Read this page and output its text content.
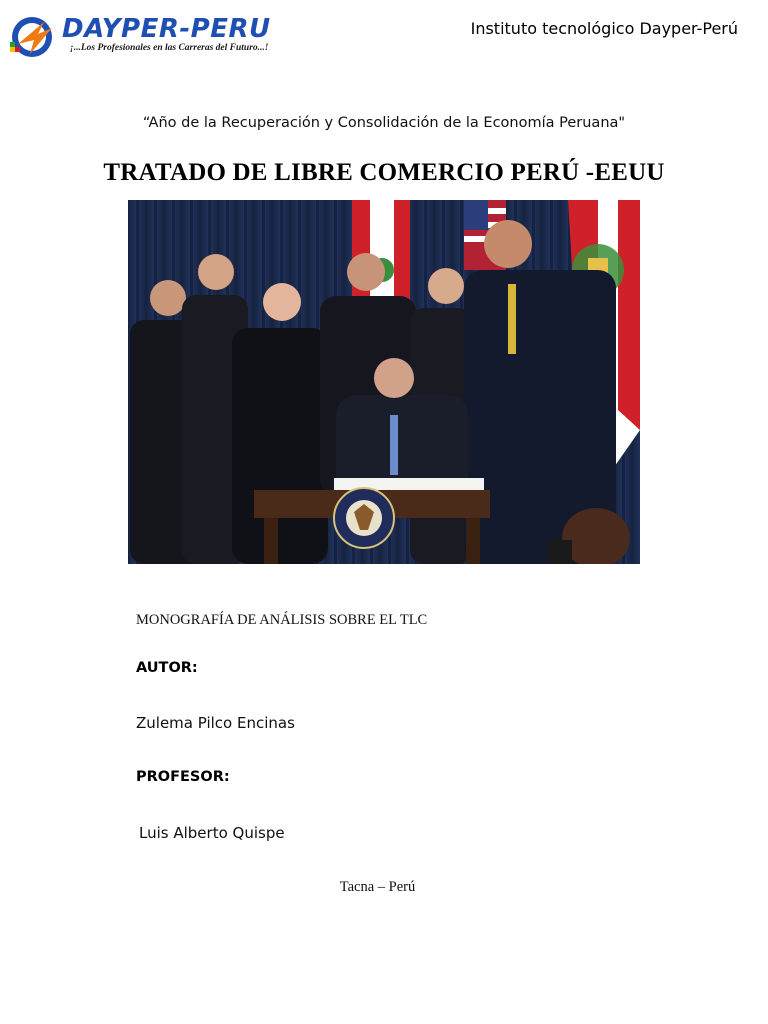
DAYPER-PERU
¡...Los Profesionales en las Carreras del Futuro...!
Instituto tecnológico Dayper-Perú
“Año de la Recuperación y Consolidación de la Economía Peruana"
TRATADO DE LIBRE COMERCIO PERÚ -EEUU
MONOGRAFÍA DE ANÁLISIS SOBRE EL TLC
AUTOR:
Zulema Pilco Encinas
PROFESOR:
Luis Alberto Quispe
Tacna – Perú
